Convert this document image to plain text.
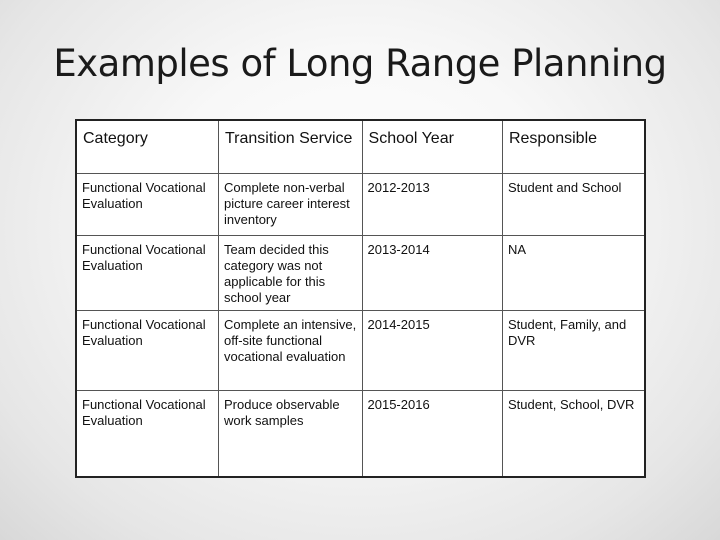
Examples of Long Range Planning
Category	Transition Service	School Year	Responsible
Functional Vocational Evaluation	Complete non-verbal picture career interest inventory	2012-2013	Student and School
Functional Vocational Evaluation	Team decided this category was not applicable for this school year	2013-2014	NA
Functional Vocational Evaluation	Complete an intensive, off-site functional vocational evaluation	2014-2015	Student, Family, and DVR
Functional Vocational Evaluation	Produce observable work samples	2015-2016	Student, School, DVR
